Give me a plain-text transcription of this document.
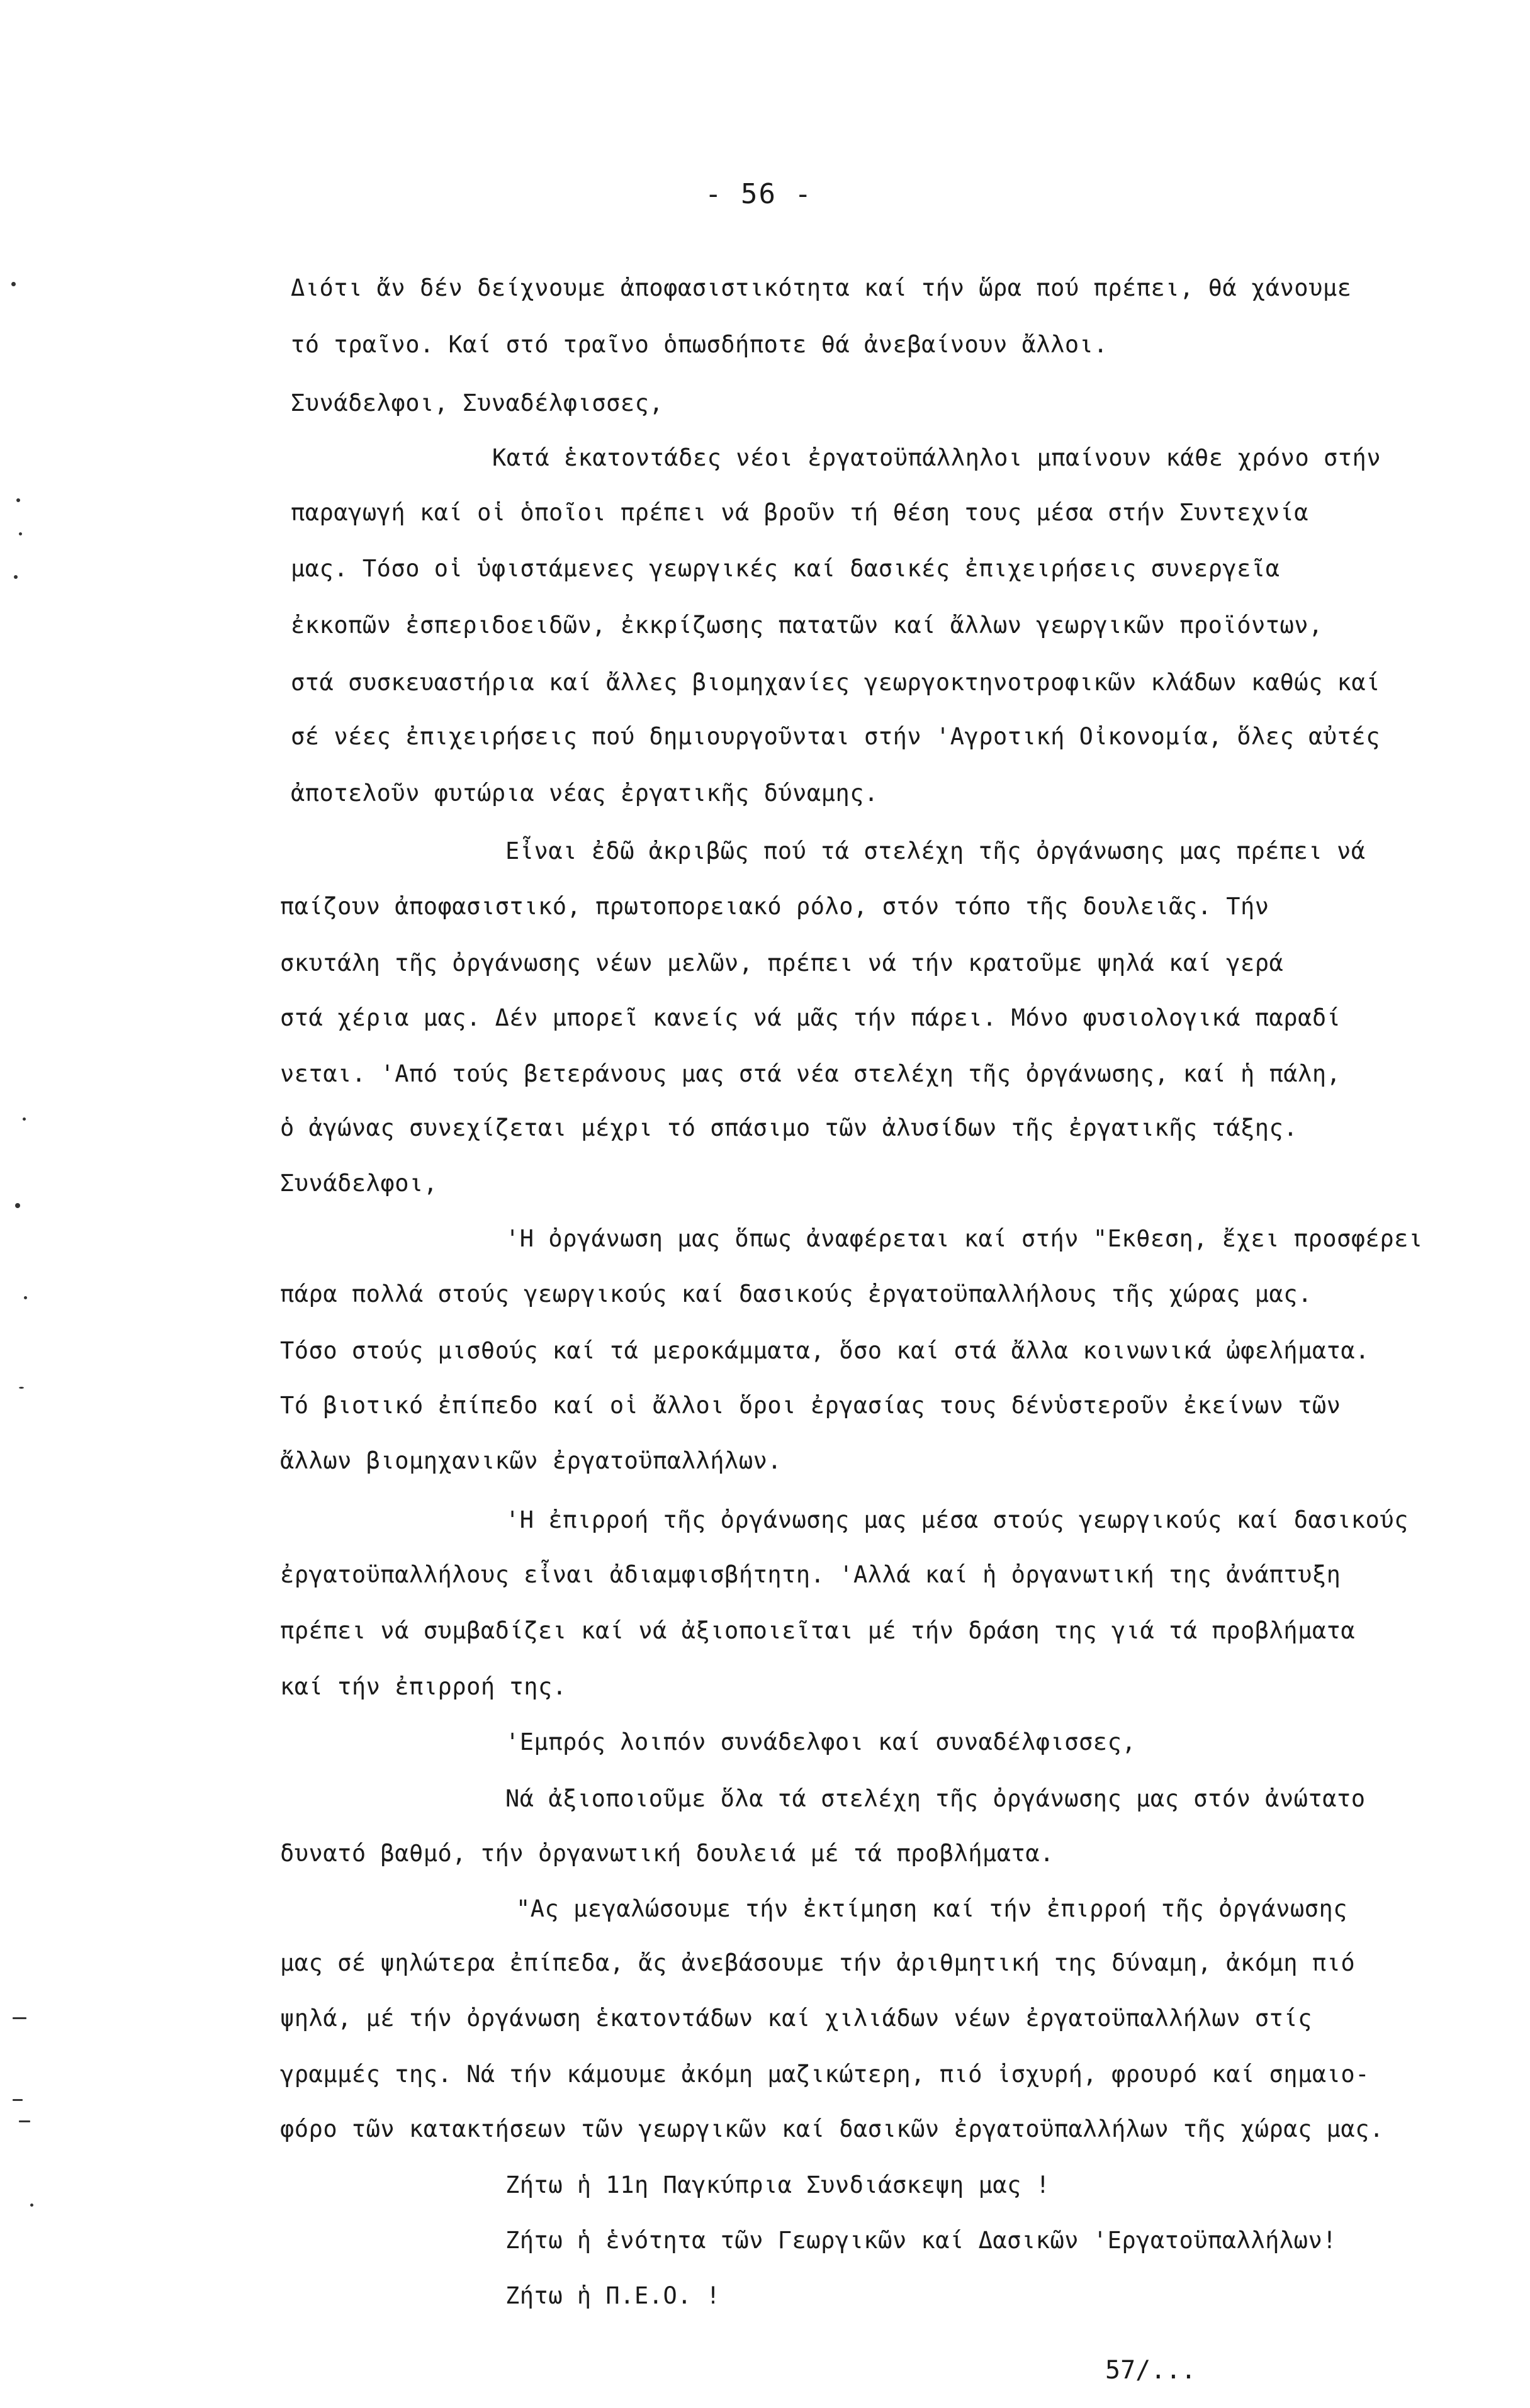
- 56 -
Διότι ἄν δέν δείχνουμε ἀποφασιστικότητα καί τήν ὥρα πού πρέπει, θά χάνουμε
τό τραῖνο. Καί στό τραῖνο ὁπωσδήποτε θά ἀνεβαίνουν ἄλλοι.
Συνάδελφοι, Συναδέλφισσες,
Κατά ἑκατοντάδες νέοι ἐργατοϋπάλληλοι μπαίνουν κάθε χρόνο στήν
παραγωγή καί οἱ ὁποῖοι πρέπει νά βροῦν τή θέση τους μέσα στήν Συντεχνία
μας. Τόσο οἱ ὑφιστάμενες γεωργικές καί δασικές ἐπιχειρήσεις συνεργεῖα
ἐκκοπῶν ἐσπεριδοειδῶν, ἐκκρίζωσης πατατῶν καί ἄλλων γεωργικῶν προϊόντων,
στά συσκευαστήρια καί ἄλλες βιομηχανίες γεωργοκτηνοτροφικῶν κλάδων καθώς καί
σέ νέες ἐπιχειρήσεις πού δημιουργοῦνται στήν 'Αγροτική Οἰκονομία, ὅλες αὐτές
ἀποτελοῦν φυτώρια νέας ἐργατικῆς δύναμης.
Εἶναι ἐδῶ ἀκριβῶς πού τά στελέχη τῆς ὀργάνωσης μας πρέπει νά
παίζουν ἀποφασιστικό, πρωτοπορειακό ρόλο, στόν τόπο τῆς δουλειᾶς. Τήν
σκυτάλη τῆς ὀργάνωσης νέων μελῶν, πρέπει νά τήν κρατοῦμε ψηλά καί γερά
στά χέρια μας. Δέν μπορεῖ κανείς νά μᾶς τήν πάρει. Μόνο φυσιολογικά παραδί
νεται. 'Από τούς βετεράνους μας στά νέα στελέχη τῆς ὀργάνωσης, καί ἡ πάλη,
ὁ ἀγώνας συνεχίζεται μέχρι τό σπάσιμο τῶν ἀλυσίδων τῆς ἐργατικῆς τάξης.
Συνάδελφοι,
'Η ὀργάνωση μας ὅπως ἀναφέρεται καί στήν "Εκθεση, ἔχει προσφέρει
πάρα πολλά στούς γεωργικούς καί δασικούς ἐργατοϋπαλλήλους τῆς χώρας μας.
Τόσο στούς μισθούς καί τά μεροκάμματα, ὅσο καί στά ἄλλα κοινωνικά ὠφελήματα.
Τό βιοτικό ἐπίπεδο καί οἱ ἄλλοι ὅροι ἐργασίας τους δένὑστεροῦν ἐκείνων τῶν
ἄλλων βιομηχανικῶν ἐργατοϋπαλλήλων.
'Η ἐπιρροή τῆς ὀργάνωσης μας μέσα στούς γεωργικούς καί δασικούς
ἐργατοϋπαλλήλους εἶναι ἀδιαμφισβήτητη. 'Αλλά καί ἡ ὀργανωτική της ἀνάπτυξη
πρέπει νά συμβαδίζει καί νά ἀξιοποιεῖται μέ τήν δράση της γιά τά προβλήματα
καί τήν ἐπιρροή της.
'Εμπρός λοιπόν συνάδελφοι καί συναδέλφισσες,
Νά ἀξιοποιοῦμε ὅλα τά στελέχη τῆς ὀργάνωσης μας στόν ἀνώτατο
δυνατό βαθμό, τήν ὀργανωτική δουλειά μέ τά προβλήματα.
"Ας μεγαλώσουμε τήν ἐκτίμηση καί τήν ἐπιρροή τῆς ὀργάνωσης
μας σέ ψηλώτερα ἐπίπεδα, ἄς ἀνεβάσουμε τήν ἀριθμητική της δύναμη, ἀκόμη πιό
ψηλά, μέ τήν ὀργάνωση ἑκατοντάδων καί χιλιάδων νέων ἐργατοϋπαλλήλων στίς
γραμμές της. Νά τήν κάμουμε ἀκόμη μαζικώτερη, πιό ἰσχυρή, φρουρό καί σημαιο-
φόρο τῶν κατακτήσεων τῶν γεωργικῶν καί δασικῶν ἐργατοϋπαλλήλων τῆς χώρας μας.
Ζήτω ἡ 11η Παγκύπρια Συνδιάσκεψη μας !
Ζήτω ἡ ἑνότητα τῶν Γεωργικῶν καί Δασικῶν 'Εργατοϋπαλλήλων!
Ζήτω ἡ Π.Ε.Ο. !
57/...
